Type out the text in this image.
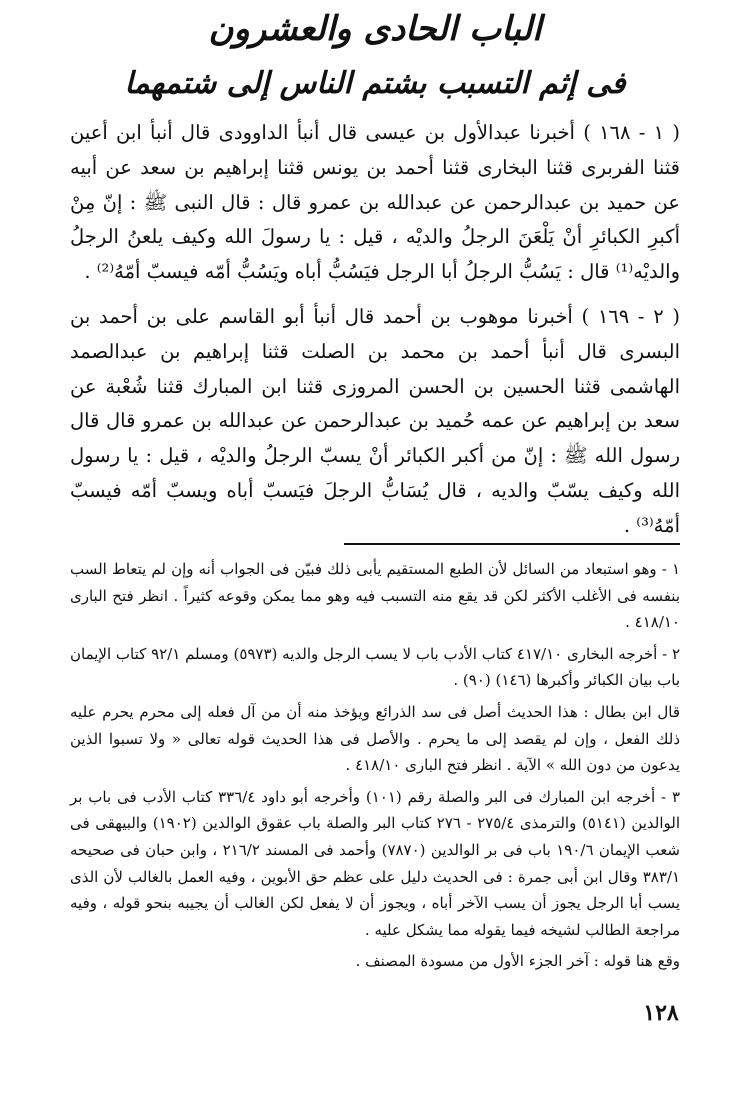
الباب الحادى والعشرون
فى إثم التسبب بشتم الناس إلى شتمهما

( ١ - ١٦٨ ) أخبرنا عبدالأول بن عيسى قال أنبأ الداوودى قال أنبأ ابن أعين قثنا الفربرى قثنا البخارى قثنا أحمد بن يونس قثنا إبراهيم بن سعد عن أبيه عن حميد بن عبدالرحمن عن عبدالله بن عمرو قال : قال النبى ﷺ : إنّ مِنْ أكبرِ الكبائرِ أنْ يَلْعَنَ الرجلُ والديْه ، قيل : يا رسولَ الله وكيف يلعنُ الرجلُ والديْه⁽¹⁾ قال : يَسُبُّ الرجلُ أبا الرجل فيَسُبُّ أباه ويَسُبُّ أمّه فيسبّ أمّهُ⁽²⁾ .

( ٢ - ١٦٩ ) أخبرنا موهوب بن أحمد قال أنبأ أبو القاسم على بن أحمد بن البسرى قال أنبأ أحمد بن محمد بن الصلت قثنا إبراهيم بن عبدالصمد الهاشمى قثنا الحسين بن الحسن المروزى قثنا ابن المبارك قثنا شُعْبة عن سعد بن إبراهيم عن عمه حُميد بن عبدالرحمن عن عبدالله بن عمرو قال قال رسول الله ﷺ : إنّ من أكبر الكبائر أنْ يسبّ الرجلُ والديْه ، قيل : يا رسول الله وكيف يسّبّ والديه ، قال يُسَابُّ الرجلَ فيَسبّ أباه ويسبّ أمّه فيسبّ أمّهُ⁽³⁾ .

١ - وهو استبعاد من السائل لأن الطبع المستقيم يأبى ذلك فبيّن فى الجواب أنه وإن لم يتعاط السب بنفسه فى الأغلب الأكثر لكن قد يقع منه التسبب فيه وهو مما يمكن وقوعه كثيراً . انظر فتح البارى ٤١٨/١٠ .

٢ - أخرجه البخارى ٤١٧/١٠ كتاب الأدب باب لا يسب الرجل والديه (٥٩٧٣) ومسلم ٩٢/١ كتاب الإيمان باب بيان الكبائر وأكبرها (١٤٦) (٩٠) .

قال ابن بطال : هذا الحديث أصل فى سد الذرائع ويؤخذ منه أن من آل فعله إلى محرم يحرم عليه ذلك الفعل ، وإن لم يقصد إلى ما يحرم . والأصل فى هذا الحديث قوله تعالى « ولا تسبوا الذين يدعون من دون الله » الآية . انظر فتح البارى ٤١٨/١٠ .

٣ - أخرجه ابن المبارك فى البر والصلة رقم (١٠١) وأخرجه أبو داود ٣٣٦/٤ كتاب الأدب فى باب بر الوالدين (٥١٤١) والترمذى ٢٧٥/٤ - ٢٧٦ كتاب البر والصلة باب عقوق الوالدين (١٩٠٢) والبيهقى فى شعب الإيمان ١٩٠/٦ باب فى بر الوالدين (٧٨٧٠) وأحمد فى المسند ٢١٦/٢ ، وابن حبان فى صحيحه ٣٨٣/١ وقال ابن أبى جمرة : فى الحديث دليل على عظم حق الأبوين ، وفيه العمل بالغالب لأن الذى يسب أبا الرجل يجوز أن يسب الآخر أباه ، ويجوز أن لا يفعل لكن الغالب أن يجيبه بنحو قوله ، وفيه مراجعة الطالب لشيخه فيما يقوله مما يشكل عليه .

وقع هنا قوله : آخر الجزء الأول من مسودة المصنف .

١٢٨
